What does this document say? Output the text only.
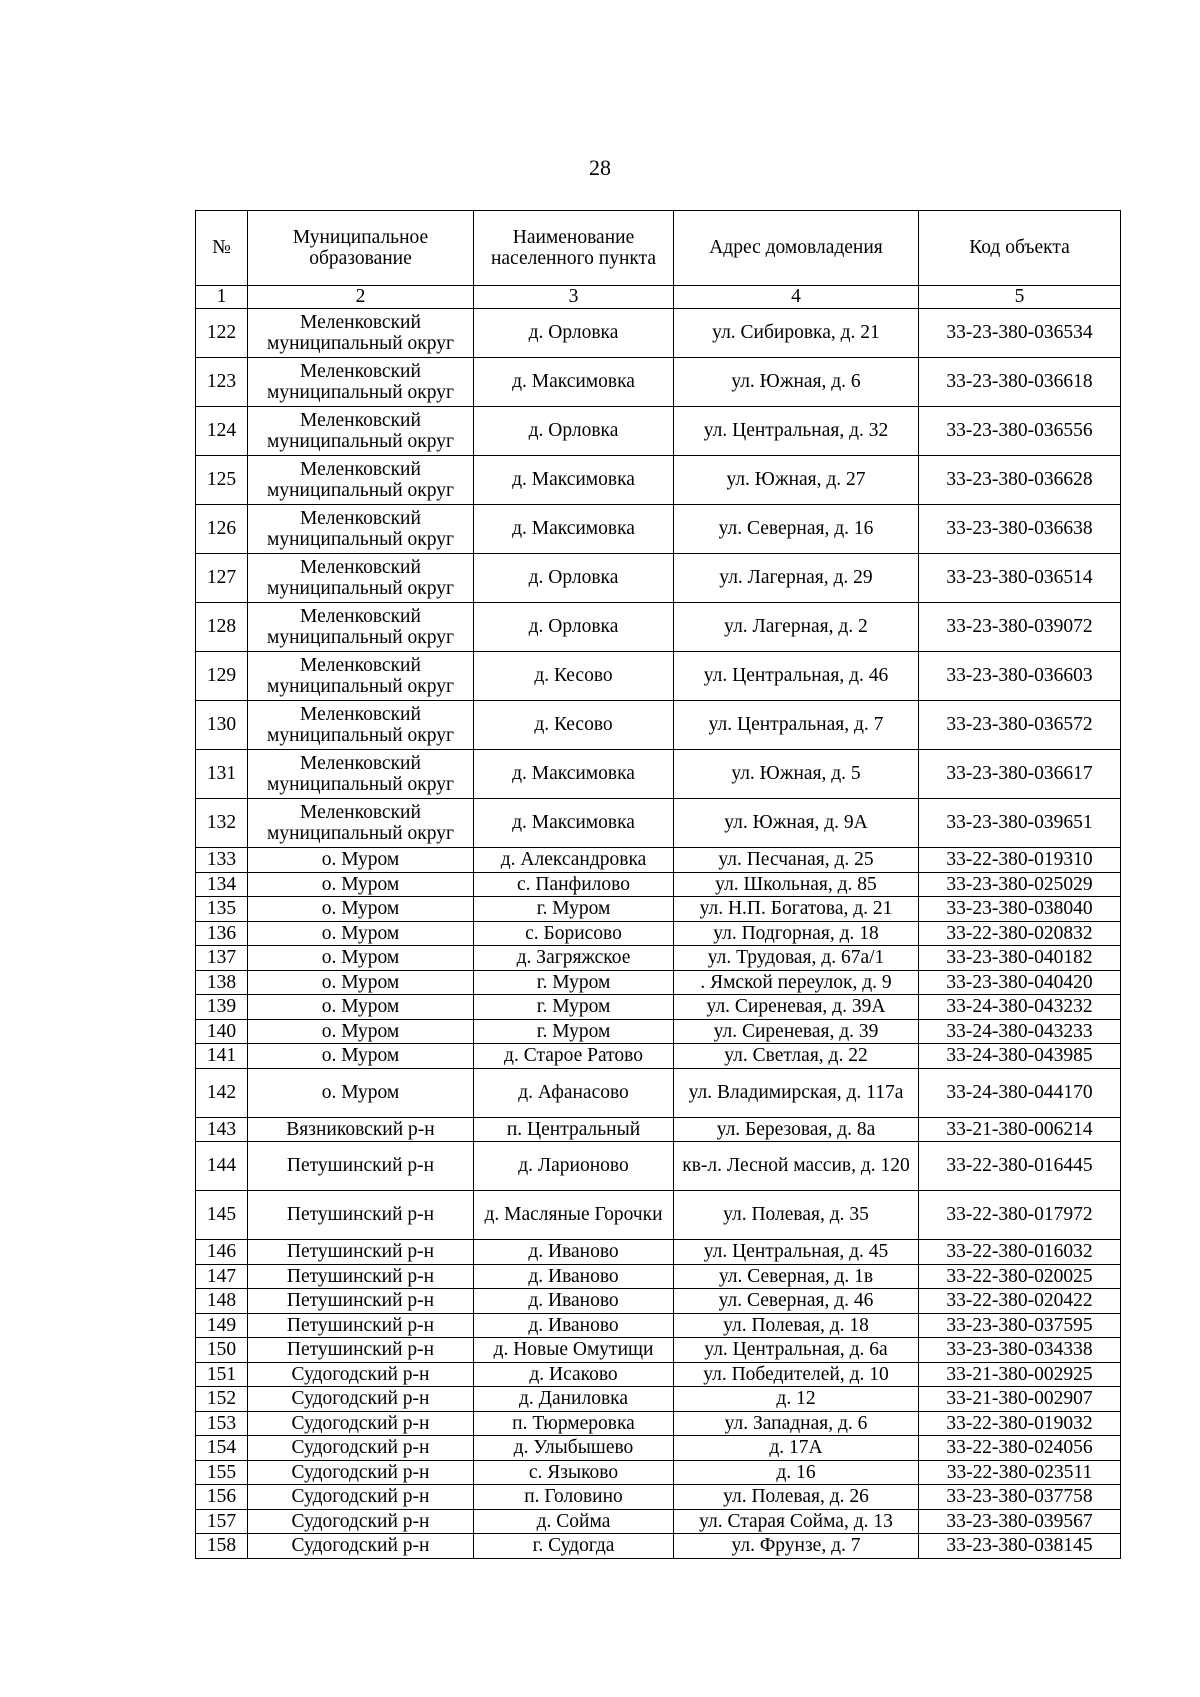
28
№	Муниципальное образование	Наименование населенного пункта	Адрес домовладения	Код объекта
1	2	3	4	5
122	Меленковский муниципальный округ	д. Орловка	ул. Сибировка, д. 21	33-23-380-036534
123	Меленковский муниципальный округ	д. Максимовка	ул. Южная, д. 6	33-23-380-036618
124	Меленковский муниципальный округ	д. Орловка	ул. Центральная, д. 32	33-23-380-036556
125	Меленковский муниципальный округ	д. Максимовка	ул. Южная, д. 27	33-23-380-036628
126	Меленковский муниципальный округ	д. Максимовка	ул. Северная, д. 16	33-23-380-036638
127	Меленковский муниципальный округ	д. Орловка	ул. Лагерная, д. 29	33-23-380-036514
128	Меленковский муниципальный округ	д. Орловка	ул. Лагерная, д. 2	33-23-380-039072
129	Меленковский муниципальный округ	д. Кесово	ул. Центральная, д. 46	33-23-380-036603
130	Меленковский муниципальный округ	д. Кесово	ул. Центральная, д. 7	33-23-380-036572
131	Меленковский муниципальный округ	д. Максимовка	ул. Южная, д. 5	33-23-380-036617
132	Меленковский муниципальный округ	д. Максимовка	ул. Южная, д. 9А	33-23-380-039651
133	о. Муром	д. Александровка	ул. Песчаная, д. 25	33-22-380-019310
134	о. Муром	с. Панфилово	ул. Школьная, д. 85	33-23-380-025029
135	о. Муром	г. Муром	ул. Н.П. Богатова, д. 21	33-23-380-038040
136	о. Муром	с. Борисово	ул. Подгорная, д. 18	33-22-380-020832
137	о. Муром	д. Загряжское	ул. Трудовая, д. 67а/1	33-23-380-040182
138	о. Муром	г. Муром	. Ямской переулок, д. 9	33-23-380-040420
139	о. Муром	г. Муром	ул. Сиреневая, д. 39А	33-24-380-043232
140	о. Муром	г. Муром	ул. Сиреневая, д. 39	33-24-380-043233
141	о. Муром	д. Старое Ратово	ул. Светлая, д. 22	33-24-380-043985
142	о. Муром	д. Афанасово	ул. Владимирская, д. 117а	33-24-380-044170
143	Вязниковский р-н	п. Центральный	ул. Березовая, д. 8а	33-21-380-006214
144	Петушинский р-н	д. Ларионово	кв-л. Лесной массив, д. 120	33-22-380-016445
145	Петушинский р-н	д. Масляные Горочки	ул. Полевая, д. 35	33-22-380-017972
146	Петушинский р-н	д. Иваново	ул. Центральная, д. 45	33-22-380-016032
147	Петушинский р-н	д. Иваново	ул. Северная, д. 1в	33-22-380-020025
148	Петушинский р-н	д. Иваново	ул. Северная, д. 46	33-22-380-020422
149	Петушинский р-н	д. Иваново	ул. Полевая, д. 18	33-23-380-037595
150	Петушинский р-н	д. Новые Омутищи	ул. Центральная, д. 6а	33-23-380-034338
151	Судогодский р-н	д. Исаково	ул. Победителей, д. 10	33-21-380-002925
152	Судогодский р-н	д. Даниловка	д. 12	33-21-380-002907
153	Судогодский р-н	п. Тюрмеровка	ул. Западная, д. 6	33-22-380-019032
154	Судогодский р-н	д. Улыбышево	д. 17А	33-22-380-024056
155	Судогодский р-н	с. Языково	д. 16	33-22-380-023511
156	Судогодский р-н	п. Головино	ул. Полевая, д. 26	33-23-380-037758
157	Судогодский р-н	д. Сойма	ул. Старая Сойма, д. 13	33-23-380-039567
158	Судогодский р-н	г. Судогда	ул. Фрунзе, д. 7	33-23-380-038145
